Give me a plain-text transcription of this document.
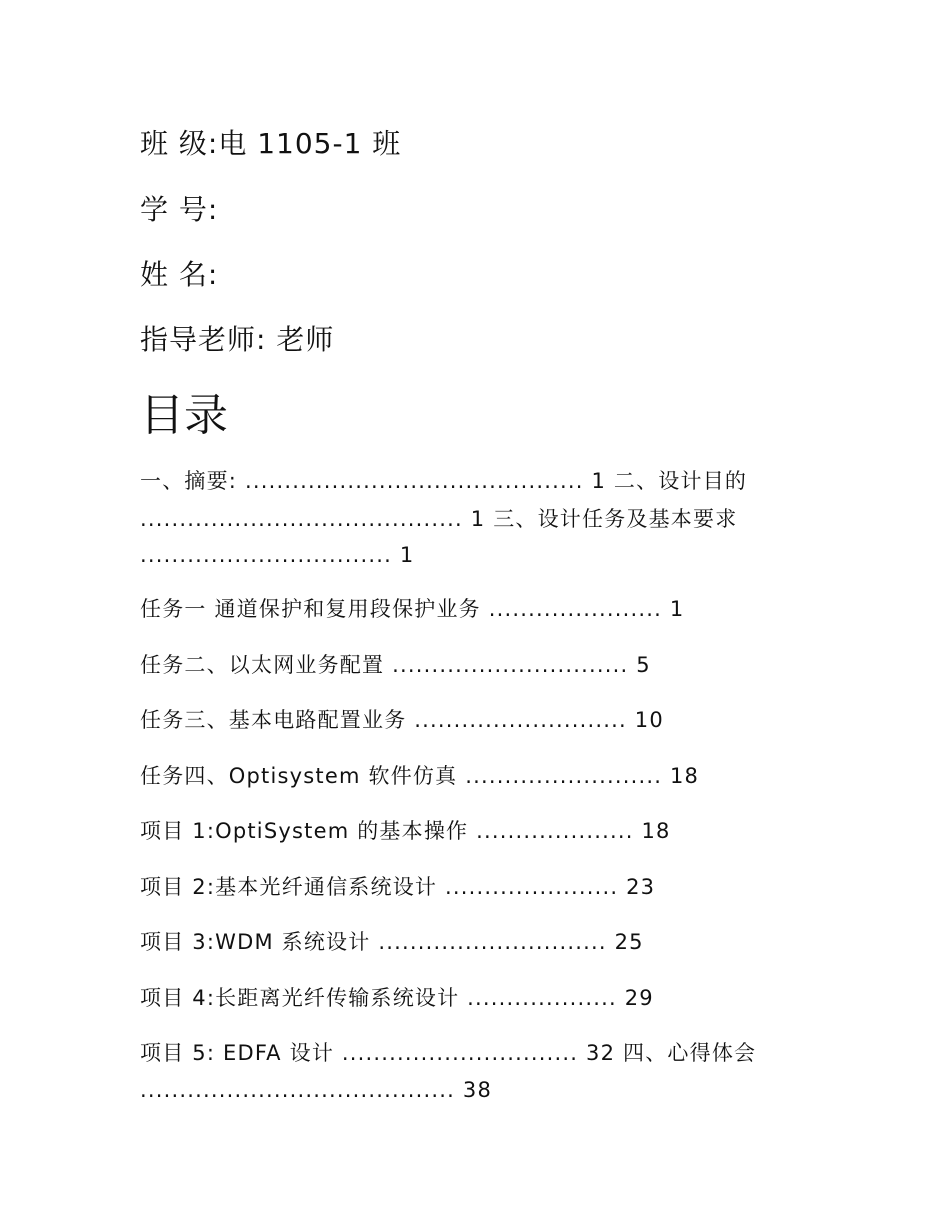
班 级:电 1105-1 班
学 号:
姓 名:
指导老师: 老师
目录
一、摘要: ........................................... 1 二、设计目的
......................................... 1 三、设计任务及基本要求
................................ 1
任务一 通道保护和复用段保护业务 ...................... 1
任务二、以太网业务配置 .............................. 5
任务三、基本电路配置业务 ........................... 10
任务四、Optisystem 软件仿真 ......................... 18
项目 1:OptiSystem 的基本操作 .................... 18
项目 2:基本光纤通信系统设计 ...................... 23
项目 3:WDM 系统设计 ............................. 25
项目 4:长距离光纤传输系统设计 ................... 29
项目 5: EDFA 设计 .............................. 32 四、心得体会
........................................ 38
